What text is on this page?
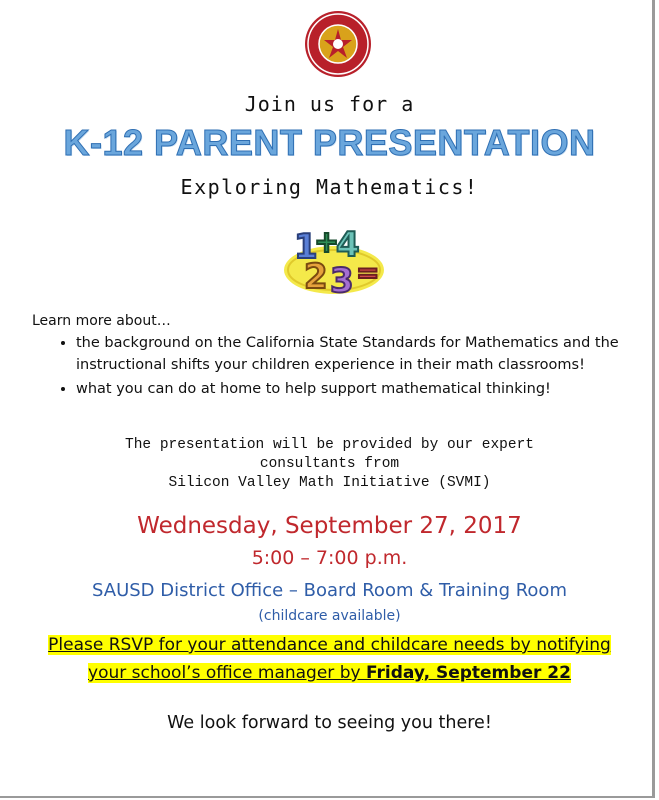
Join us for a
K-12 PARENT PRESENTATION
Exploring Mathematics!
1
+
4
2 3 =
Learn more about…
• the background on the California State Standards for Mathematics and the instructional shifts your children experience in their math classrooms!
• what you can do at home to help support mathematical thinking!
The presentation will be provided by our expert
consultants from
Silicon Valley Math Initiative (SVMI)
Wednesday, September 27, 2017
5:00 – 7:00 p.m.
SAUSD District Office – Board Room & Training Room
(childcare available)
Please RSVP for your attendance and childcare needs by notifying
your school’s office manager by Friday, September 22
We look forward to seeing you there!
